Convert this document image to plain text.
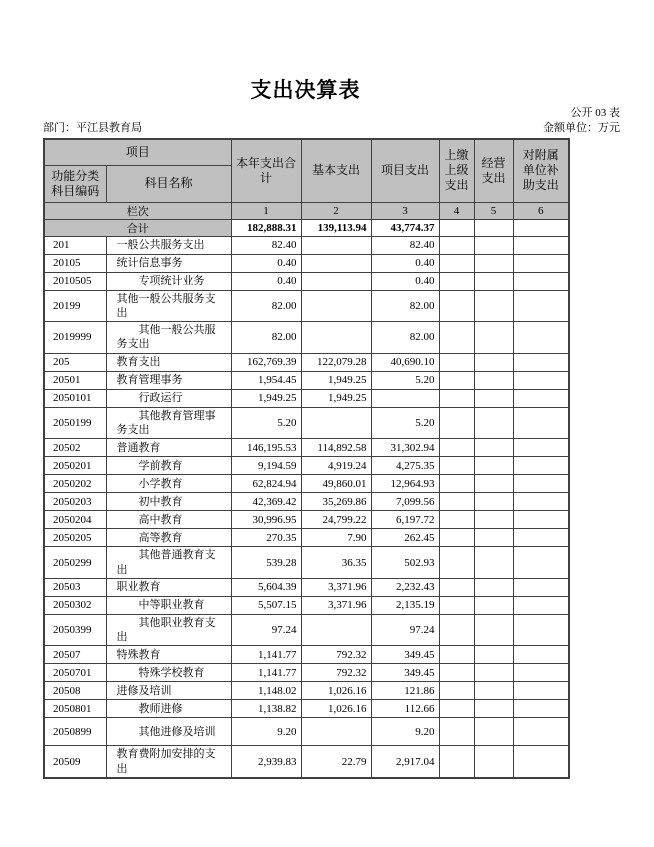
支出决算表
公开 03 表
部门：平江县教育局	金额单位：万元
项目		本年支出合计	基本支出	项目支出	上缴上级支出	经营支出	对附属单位补助支出
功能分类科目编码	科目名称						
栏次		1	2	3	4	5	6
合计		182,888.31	139,113.94	43,774.37			
201	一般公共服务支出	82.40		82.40			
20105	统计信息事务	0.40		0.40			
2010505	专项统计业务	0.40		0.40			
20199	其他一般公共服务支出	82.00		82.00			
2019999	其他一般公共服务支出	82.00		82.00			
205	教育支出	162,769.39	122,079.28	40,690.10			
20501	教育管理事务	1,954.45	1,949.25	5.20			
2050101	行政运行	1,949.25	1,949.25				
2050199	其他教育管理事务支出	5.20		5.20			
20502	普通教育	146,195.53	114,892.58	31,302.94			
2050201	学前教育	9,194.59	4,919.24	4,275.35			
2050202	小学教育	62,824.94	49,860.01	12,964.93			
2050203	初中教育	42,369.42	35,269.86	7,099.56			
2050204	高中教育	30,996.95	24,799.22	6,197.72			
2050205	高等教育	270.35	7.90	262.45			
2050299	其他普通教育支出	539.28	36.35	502.93			
20503	职业教育	5,604.39	3,371.96	2,232.43			
2050302	中等职业教育	5,507.15	3,371.96	2,135.19			
2050399	其他职业教育支出	97.24		97.24			
20507	特殊教育	1,141.77	792.32	349.45			
2050701	特殊学校教育	1,141.77	792.32	349.45			
20508	进修及培训	1,148.02	1,026.16	121.86			
2050801	教师进修	1,138.82	1,026.16	112.66			
2050899	其他进修及培训	9.20		9.20			
20509	教育费附加安排的支出	2,939.83	22.79	2,917.04			
